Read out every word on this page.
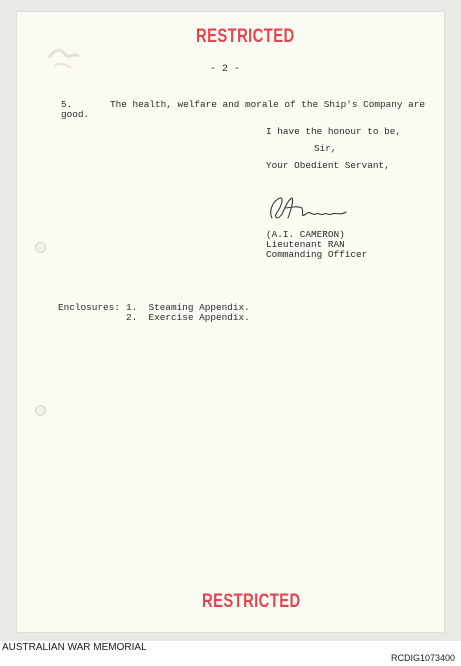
RESTRICTED
- 2 -
5.	The health, welfare and morale of the Ship's Company are
good.
I have the honour to be,
Sir,
Your Obedient Servant,
(A.I. CAMERON)
Lieutenant RAN
Commanding Officer
Enclosures: 1.  Steaming Appendix.
2.  Exercise Appendix.
RESTRICTED
AUSTRALIAN WAR MEMORIAL
RCDIG1073400
